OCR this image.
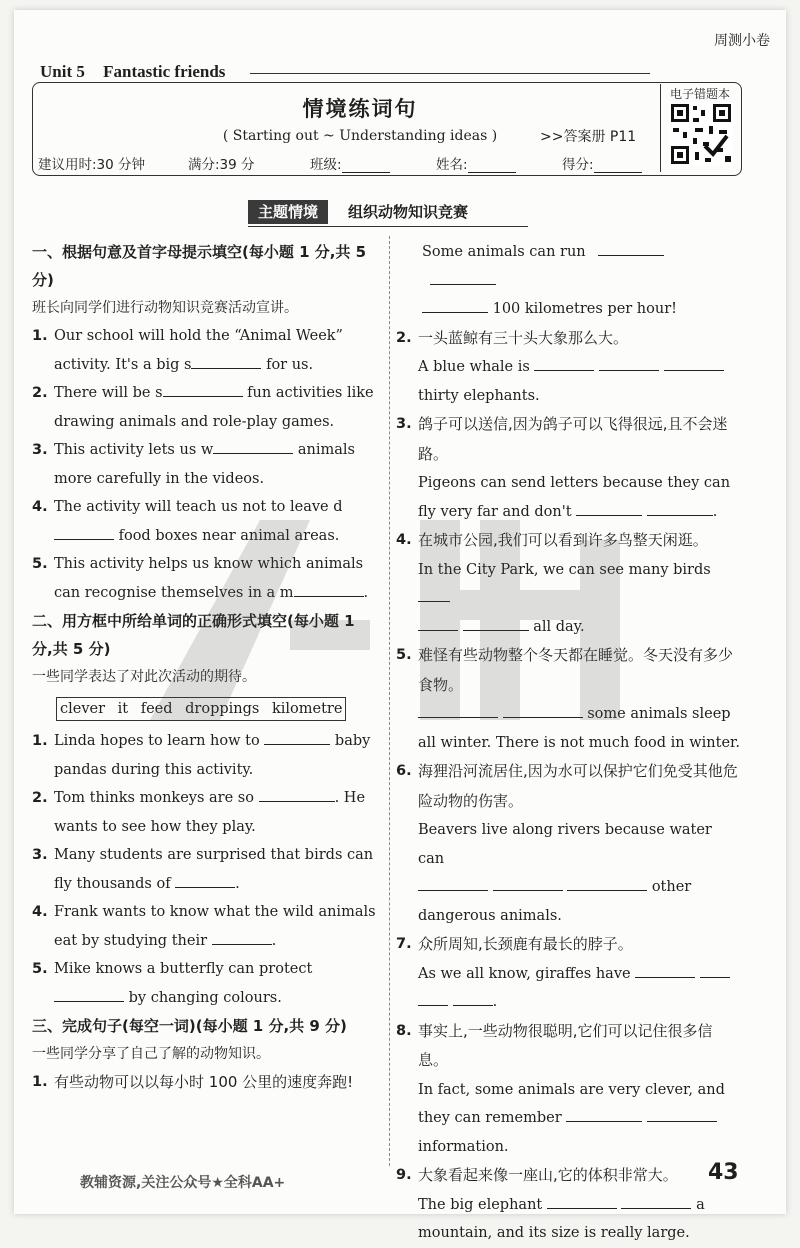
周测小卷
Unit 5 Fantastic friends
情境练词句
( Starting out ~ Understanding ideas )	>>答案册 P11
建议用时:30 分钟	满分:39 分	班级:	姓名:	得分:
电子错题本
主题情境	组织动物知识竞赛
一、根据句意及首字母提示填空(每小题 1 分,共 5 分)
班长向同学们进行动物知识竞赛活动宣讲。
1. Our school will hold the “Animal Week” activity. It's a big s	for us.
2. There will be s	fun activities like drawing animals and role-play games.
3. This activity lets us w	animals more carefully in the videos.
4. The activity will teach us not to leave d food boxes near animal areas.
5. This activity helps us know which animals can recognise themselves in a m	.
二、用方框中所给单词的正确形式填空(每小题 1 分,共 5 分)
一些同学表达了对此次活动的期待。
clever it feed droppings kilometre
1. Linda hopes to learn how to	baby pandas during this activity.
2. Tom thinks monkeys are so	. He wants to see how they play.
3. Many students are surprised that birds can fly thousands of	.
4. Frank wants to know what the wild animals eat by studying their	.
5. Mike knows a butterfly can protect  by changing colours.
三、完成句子(每空一词)(每小题 1 分,共 9 分)
一些同学分享了自己了解的动物知识。
1. 有些动物可以以每小时 100 公里的速度奔跑!
Some animals can run
100 kilometres per hour!
2. 一头蓝鲸有三十头大象那么大。
A blue whale is
thirty elephants.
3. 鸽子可以送信,因为鸽子可以飞得很远,且不会迷路。
Pigeons can send letters because they can fly very far and don't	.
4. 在城市公园,我们可以看到许多鸟整天闲逛。
In the City Park, we can see many birds
all day.
5. 难怪有些动物整个冬天都在睡觉。冬天没有多少食物。
some animals sleep all winter. There is not much food in winter.
6. 海狸沿河流居住,因为水可以保护它们免受其他危险动物的伤害。
Beavers live along rivers because water can
other dangerous animals.
7. 众所周知,长颈鹿有最长的脖子。
As we all know, giraffes have
.
8. 事实上,一些动物很聪明,它们可以记住很多信息。
In fact, some animals are very clever, and they can remember
information.
9. 大象看起来像一座山,它的体积非常大。
The big elephant	a mountain, and its size is really large.
教辅资源,关注公众号★全科AA+	43
